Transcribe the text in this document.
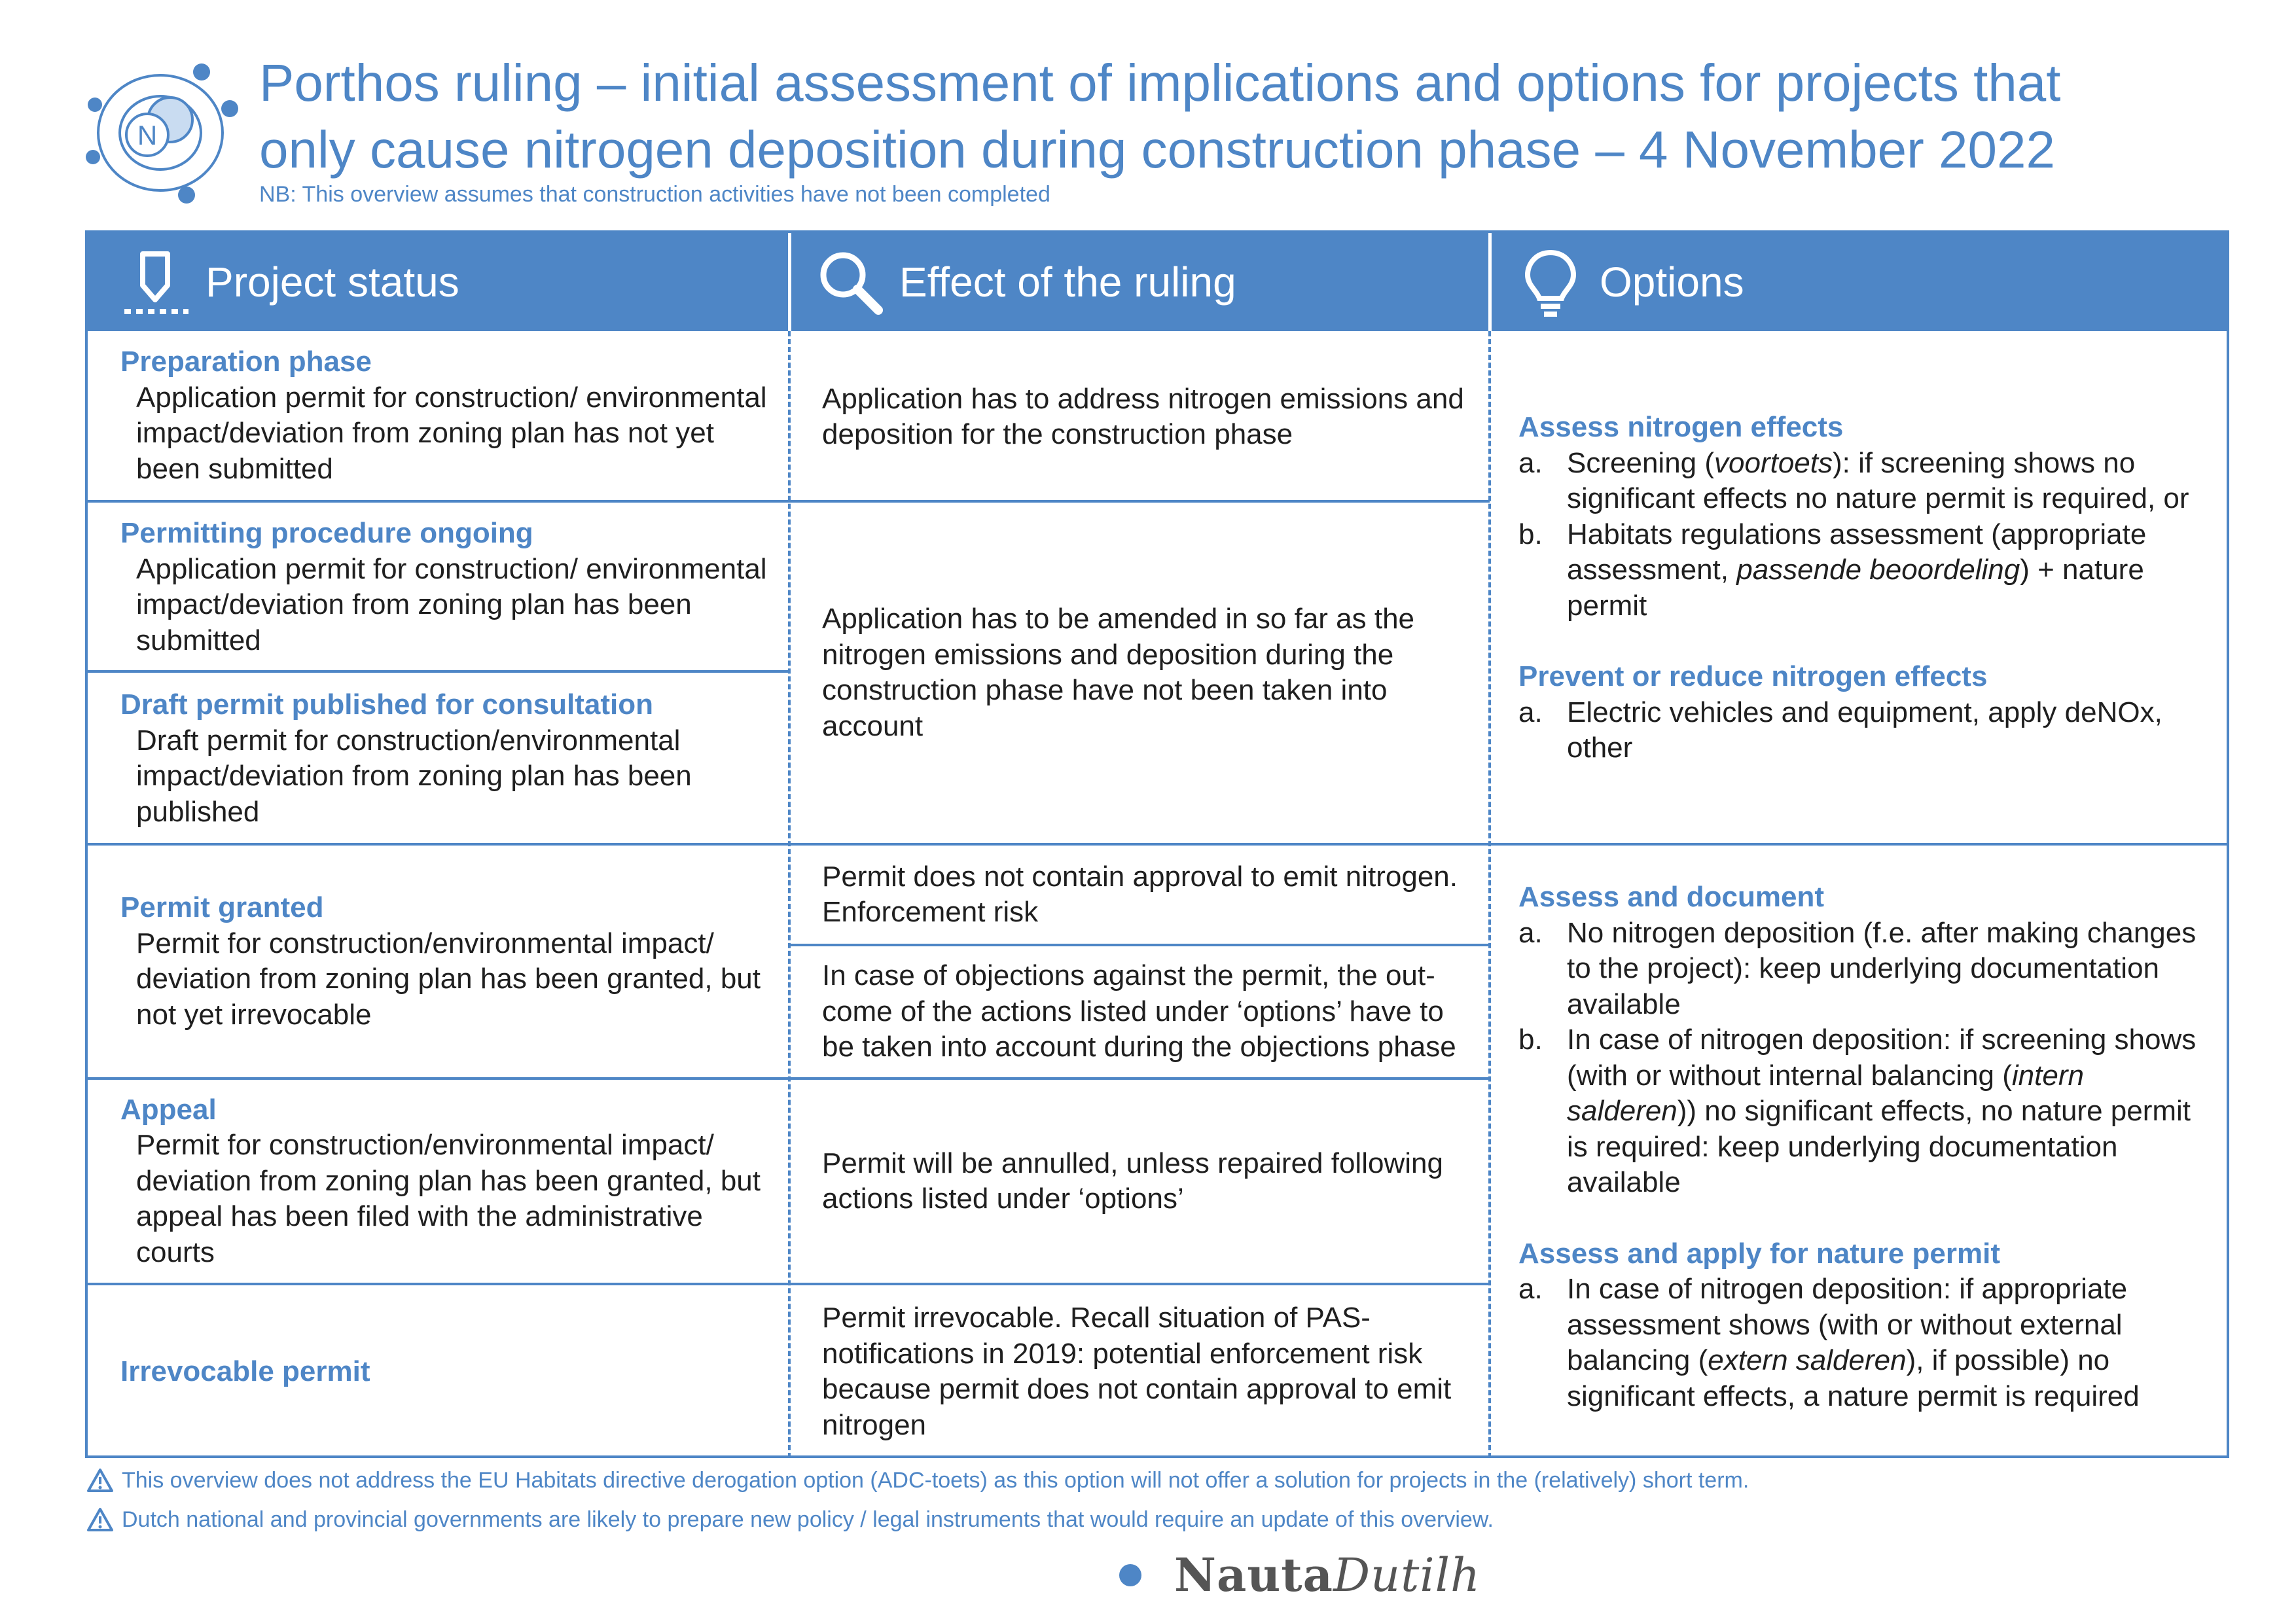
N
Porthos ruling – initial assessment of implications and options for projects that
only cause nitrogen deposition during construction phase – 4 November 2022
NB: This overview assumes that construction activities have not been completed
Project status	Effect of the ruling	Options
Preparation phase
Application permit for construction/ environmental impact/deviation from zoning plan has not yet been submitted
Permitting procedure ongoing
Application permit for construction/ environmental impact/deviation from zoning plan has been submitted
Draft permit published for consultation
Draft permit for construction/environmental impact/deviation from zoning plan has been published
Permit granted
Permit for construction/environmental impact/ deviation from zoning plan has been granted, but not yet irrevocable
Appeal
Permit for construction/environmental impact/ deviation from zoning plan has been granted, but appeal has been filed with the administrative courts
Irrevocable permit
Application has to address nitrogen emissions and deposition for the construction phase
Application has to be amended in so far as the nitrogen emissions and deposition during the construction phase have not been taken into account
Permit does not contain approval to emit nitrogen. Enforcement risk
In case of objections against the permit, the out-come of the actions listed under ‘options’ have to be taken into account during the objections phase
Permit will be annulled, unless repaired following actions listed under ‘options’
Permit irrevocable. Recall situation of PAS-notifications in 2019: potential enforcement risk because permit does not contain approval to emit nitrogen
Assess nitrogen effects
a. Screening (voortoets): if screening shows no significant effects no nature permit is required, or
b. Habitats regulations assessment (appropriate assessment, passende beoordeling) + nature permit
Prevent or reduce nitrogen effects
a. Electric vehicles and equipment, apply deNOx, other
Assess and document
a. No nitrogen deposition (f.e. after making changes to the project): keep underlying documentation available
b. In case of nitrogen deposition: if screening shows (with or without internal balancing (intern salderen)) no significant effects, no nature permit is required: keep underlying documentation available
Assess and apply for nature permit
a. In case of nitrogen deposition: if appropriate assessment shows (with or without external balancing (extern salderen), if possible) no significant effects, a nature permit is required
This overview does not address the EU Habitats directive derogation option (ADC-toets) as this option will not offer a solution for projects in the (relatively) short term.
Dutch national and provincial governments are likely to prepare new policy / legal instruments that would require an update of this overview.
NautaDutilh
